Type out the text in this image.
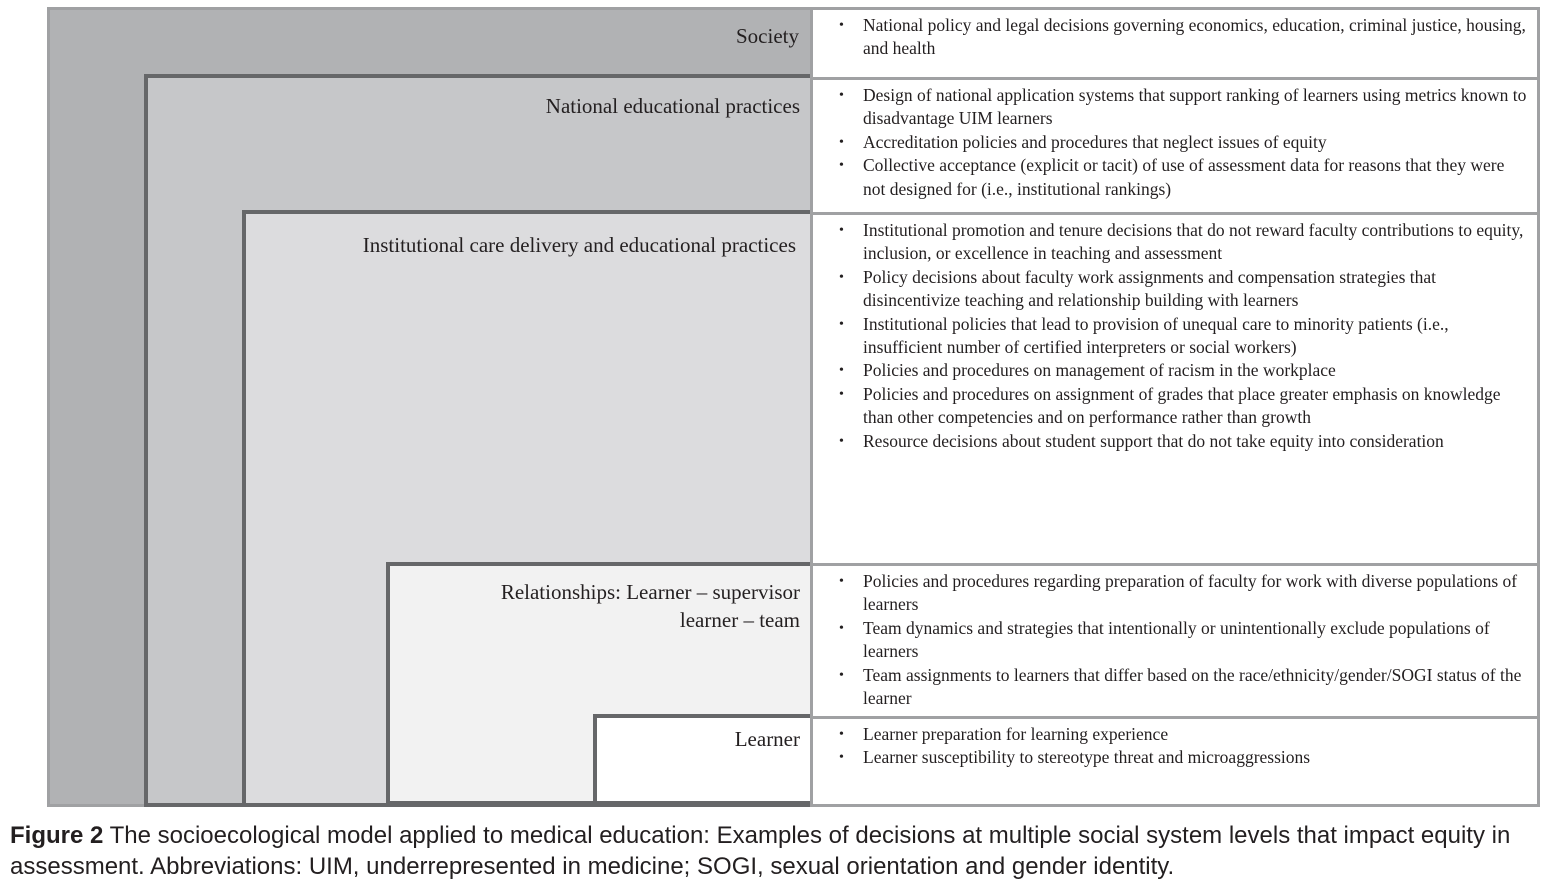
Society
National educational practices
Institutional care delivery and educational practices
Relationships: Learner – supervisor
learner – team
Learner
• National policy and legal decisions governing economics, education, criminal justice, housing, and health
• Design of national application systems that support ranking of learners using metrics known to disadvantage UIM learners
• Accreditation policies and procedures that neglect issues of equity
• Collective acceptance (explicit or tacit) of use of assessment data for reasons that they were not designed for (i.e., institutional rankings)
• Institutional promotion and tenure decisions that do not reward faculty contributions to equity, inclusion, or excellence in teaching and assessment
• Policy decisions about faculty work assignments and compensation strategies that disincentivize teaching and relationship building with learners
• Institutional policies that lead to provision of unequal care to minority patients (i.e., insufficient number of certified interpreters or social workers)
• Policies and procedures on management of racism in the workplace
• Policies and procedures on assignment of grades that place greater emphasis on knowledge than other competencies and on performance rather than growth
• Resource decisions about student support that do not take equity into consideration
• Policies and procedures regarding preparation of faculty for work with diverse populations of learners
• Team dynamics and strategies that intentionally or unintentionally exclude populations of learners
• Team assignments to learners that differ based on the race/ethnicity/gender/SOGI status of the learner
• Learner preparation for learning experience
• Learner susceptibility to stereotype threat and microaggressions
Figure 2 The socioecological model applied to medical education: Examples of decisions at multiple social system levels that impact equity in assessment. Abbreviations: UIM, underrepresented in medicine; SOGI, sexual orientation and gender identity.
